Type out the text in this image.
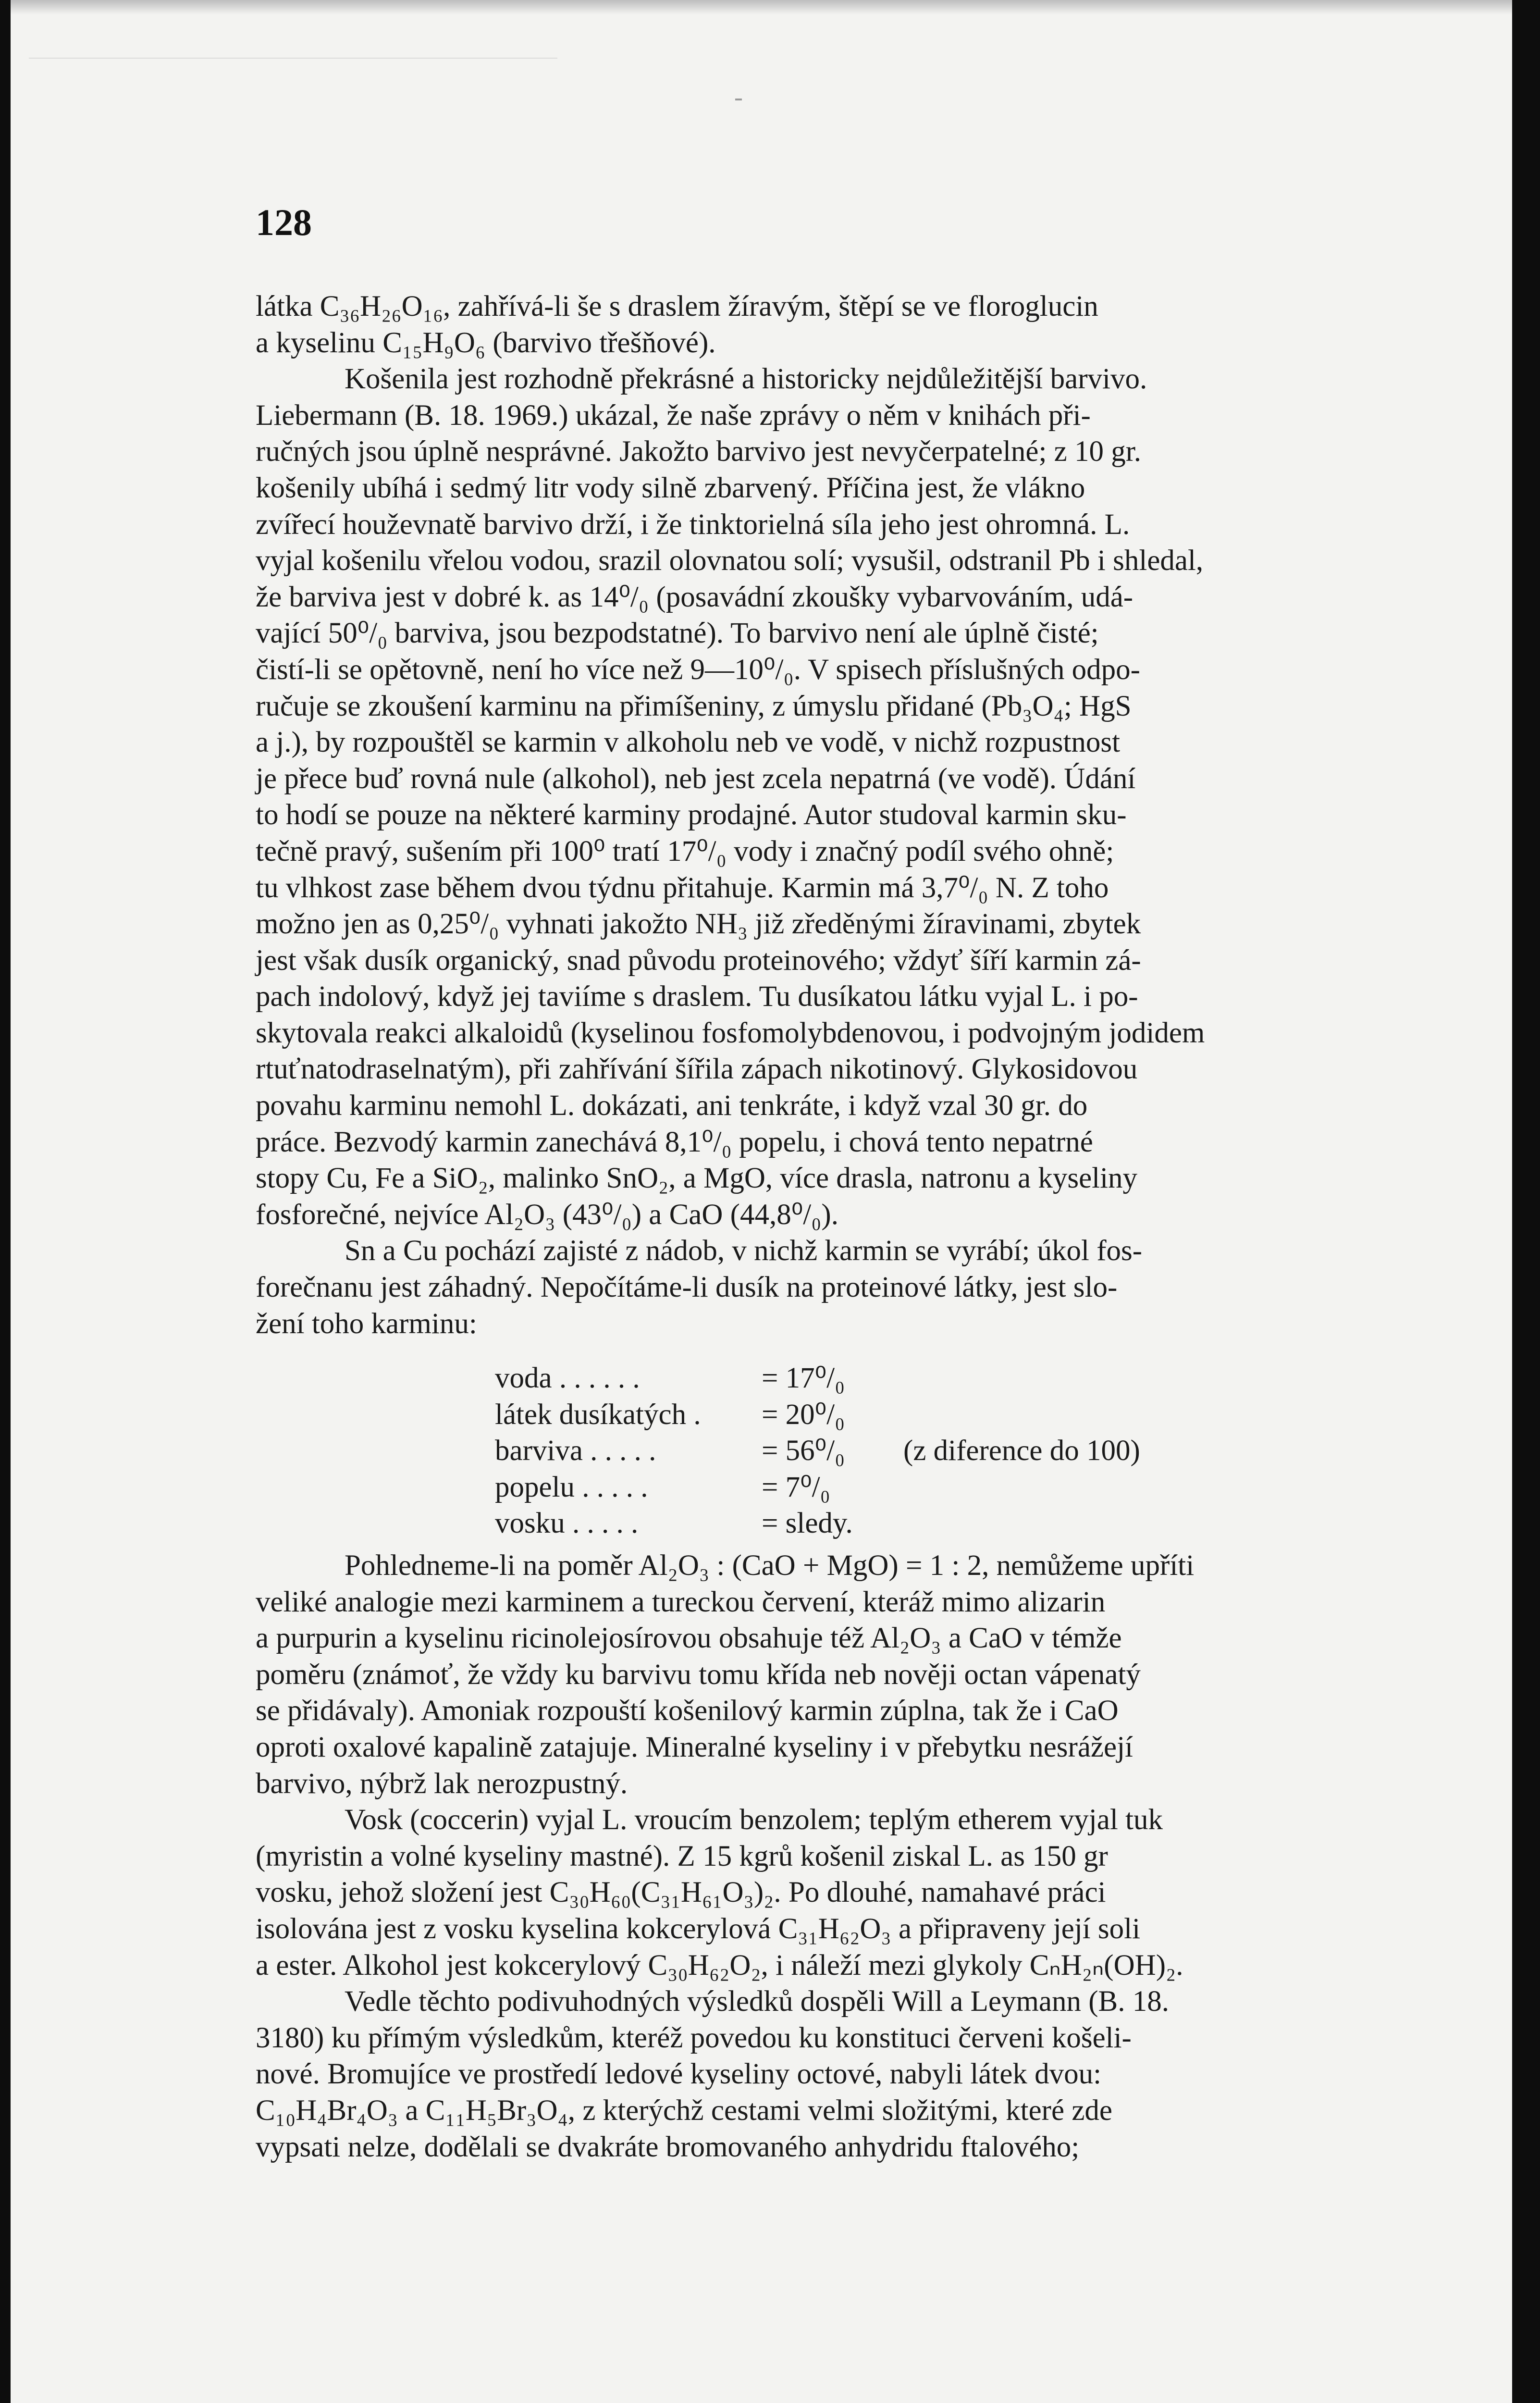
128

látka C₃₆H₂₆O₁₆, zahřívá-li še s draslem žíravým, štěpí se ve floroglucin

a kyselinu C₁₅H₉O₆ (barvivo třešňové).

Košenila jest rozhodně překrásné a historicky nejdůležitější barvivo.

Liebermann (B. 18. 1969.) ukázal, že naše zprávy o něm v knihách při-

ručných jsou úplně nesprávné. Jakožto barvivo jest nevyčerpatelné; z 10 gr.

košenily ubíhá i sedmý litr vody silně zbarvený. Příčina jest, že vlákno

zvířecí houževnatě barvivo drží, i že tinktorielná síla jeho jest ohromná. L.

vyjal košenilu vřelou vodou, srazil olovnatou solí; vysušil, odstranil Pb i shledal,

že barviva jest v dobré k. as 14⁰/₀ (posavádní zkoušky vybarvováním, udá-

vající 50⁰/₀ barviva, jsou bezpodstatné). To barvivo není ale úplně čisté;

čistí-li se opětovně, není ho více než 9—10⁰/₀. V spisech příslušných odpo-

ručuje se zkoušení karminu na přimíšeniny, z úmyslu přidané (Pb₃O₄; HgS

a j.), by rozpouštěl se karmin v alkoholu neb ve vodě, v nichž rozpustnost

je přece buď rovná nule (alkohol), neb jest zcela nepatrná (ve vodě). Údání

to hodí se pouze na některé karminy prodajné. Autor studoval karmin sku-

tečně pravý, sušením při 100⁰ tratí 17⁰/₀ vody i značný podíl svého ohně;

tu vlhkost zase během dvou týdnu přitahuje. Karmin má 3,7⁰/₀ N. Z toho

možno jen as 0,25⁰/₀ vyhnati jakožto NH₃ již zředěnými žíravinami, zbytek

jest však dusík organický, snad původu proteinového; vždyť šíří karmin zá-

pach indolový, když jej taviíme s draslem. Tu dusíkatou látku vyjal L. i po-

skytovala reakci alkaloidů (kyselinou fosfomolybdenovou, i podvojným jodidem

rtuťnatodraselnatým), při zahřívání šířila zápach nikotinový. Glykosidovou

povahu karminu nemohl L. dokázati, ani tenkráte, i když vzal 30 gr. do

práce. Bezvodý karmin zanechává 8,1⁰/₀ popelu, i chová tento nepatrné

stopy Cu, Fe a SiO₂, malinko SnO₂, a MgO, více drasla, natronu a kyseliny

fosforečné, nejvíce Al₂O₃ (43⁰/₀) a CaO (44,8⁰/₀).

Sn a Cu pochází zajisté z nádob, v nichž karmin se vyrábí; úkol fos-

forečnanu jest záhadný. Nepočítáme-li dusík na proteinové látky, jest slo-

žení toho karminu:

voda . . . . . .	= 17⁰/₀
látek dusíkatých .	= 20⁰/₀
barviva . . . . .	= 56⁰/₀	(z diference do 100)
popelu . . . . .	= 7⁰/₀
vosku . . . . .	= sledy.

Pohledneme-li na poměr Al₂O₃ : (CaO + MgO) = 1 : 2, nemůžeme upříti

veliké analogie mezi karminem a tureckou červení, kteráž mimo alizarin

a purpurin a kyselinu ricinolejosírovou obsahuje též Al₂O₃ a CaO v témže

poměru (známoť, že vždy ku barvivu tomu křída neb nověji octan vápenatý

se přidávaly). Amoniak rozpouští košenilový karmin zúplna, tak že i CaO

oproti oxalové kapalině zatajuje. Mineralné kyseliny i v přebytku nesrážejí

barvivo, nýbrž lak nerozpustný.

Vosk (coccerin) vyjal L. vroucím benzolem; teplým etherem vyjal tuk

(myristin a volné kyseliny mastné). Z 15 kgrů košenil ziskal L. as 150 gr

vosku, jehož složení jest C₃₀H₆₀(C₃₁H₆₁O₃)₂. Po dlouhé, namahavé práci

isolována jest z vosku kyselina kokcerylová C₃₁H₆₂O₃ a připraveny její soli

a ester. Alkohol jest kokcerylový C₃₀H₆₂O₂, i náleží mezi glykoly CₙH₂ₙ(OH)₂.

Vedle těchto podivuhodných výsledků dospěli Will a Leymann (B. 18.

3180) ku přímým výsledkům, kteréž povedou ku konstituci červeni košeli-

nové. Bromujíce ve prostředí ledové kyseliny octové, nabyli látek dvou:

C₁₀H₄Br₄O₃ a C₁₁H₅Br₃O₄, z kterýchž cestami velmi složitými, které zde

vypsati nelze, dodělali se dvakráte bromovaného anhydridu ftalového;
